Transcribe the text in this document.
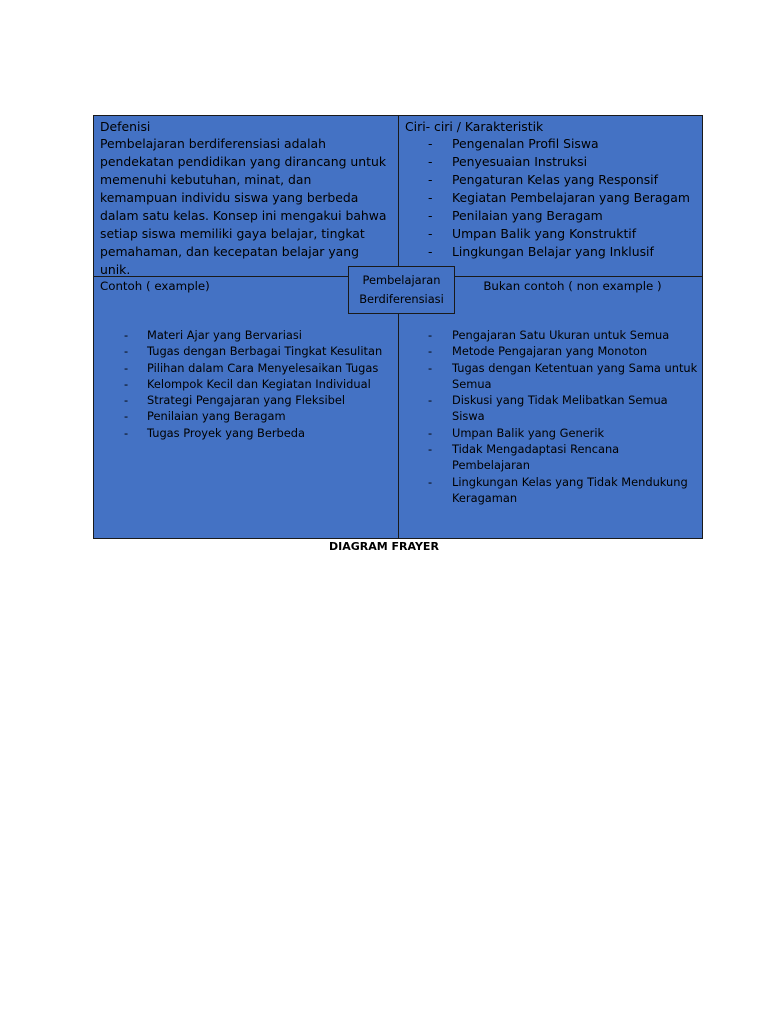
Defenisi

Pembelajaran berdiferensiasi adalah pendekatan pendidikan yang dirancang untuk memenuhi kebutuhan, minat, dan kemampuan individu siswa yang berbeda dalam satu kelas. Konsep ini mengakui bahwa setiap siswa memiliki gaya belajar, tingkat pemahaman, dan kecepatan belajar yang unik.

Ciri- ciri / Karakteristik
- Pengenalan Profil Siswa
- Penyesuaian Instruksi
- Pengaturan Kelas yang Responsif
- Kegiatan Pembelajaran yang Beragam
- Penilaian yang Beragam
- Umpan Balik yang Konstruktif
- Lingkungan Belajar yang Inklusif
Contoh ( example)
- Materi Ajar yang Bervariasi
- Tugas dengan Berbagai Tingkat Kesulitan
- Pilihan dalam Cara Menyelesaikan Tugas
- Kelompok Kecil dan Kegiatan Individual
- Strategi Pengajaran yang Fleksibel
- Penilaian yang Beragam
- Tugas Proyek yang Berbeda
Bukan contoh ( non example )
- Pengajaran Satu Ukuran untuk Semua
- Metode Pengajaran yang Monoton
- Tugas dengan Ketentuan yang Sama untuk Semua
- Diskusi yang Tidak Melibatkan Semua Siswa
- Umpan Balik yang Generik
- Tidak Mengadaptasi Rencana Pembelajaran
- Lingkungan Kelas yang Tidak Mendukung Keragaman
Pembelajaran
Berdiferensiasi
DIAGRAM FRAYER
